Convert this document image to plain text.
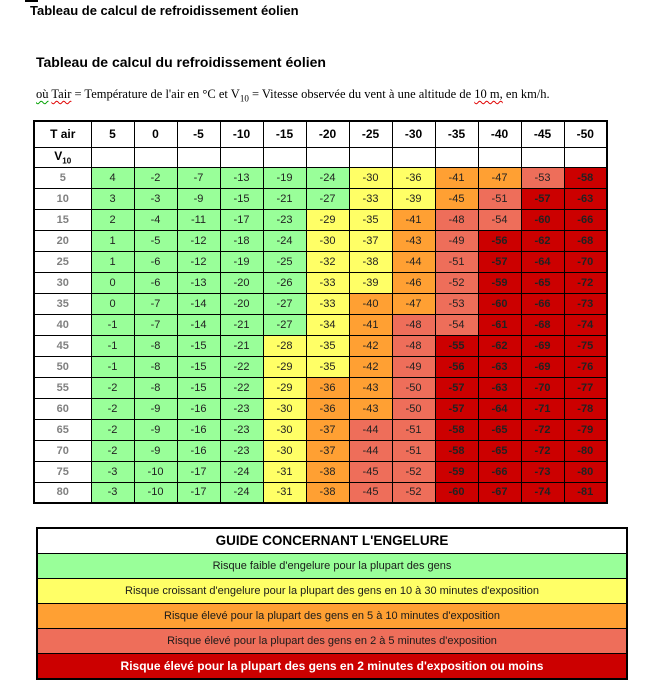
Tableau de calcul de refroidissement éolien
Tableau de calcul du refroidissement éolien

où Tair = Température de l'air en °C et $V_{10}$ = Vitesse observée du vent à une altitude de 10 m, en km/h.

T air	5	0	-5	-10	-15	-20	-25	-30	-35	-40	-45	-50
$V_{10}$												
5	4	-2	-7	-13	-19	-24	-30	-36	-41	-47	-53	-58
10	3	-3	-9	-15	-21	-27	-33	-39	-45	-51	-57	-63
15	2	-4	-11	-17	-23	-29	-35	-41	-48	-54	-60	-66
20	1	-5	-12	-18	-24	-30	-37	-43	-49	-56	-62	-68
25	1	-6	-12	-19	-25	-32	-38	-44	-51	-57	-64	-70
30	0	-6	-13	-20	-26	-33	-39	-46	-52	-59	-65	-72
35	0	-7	-14	-20	-27	-33	-40	-47	-53	-60	-66	-73
40	-1	-7	-14	-21	-27	-34	-41	-48	-54	-61	-68	-74
45	-1	-8	-15	-21	-28	-35	-42	-48	-55	-62	-69	-75
50	-1	-8	-15	-22	-29	-35	-42	-49	-56	-63	-69	-76
55	-2	-8	-15	-22	-29	-36	-43	-50	-57	-63	-70	-77
60	-2	-9	-16	-23	-30	-36	-43	-50	-57	-64	-71	-78
65	-2	-9	-16	-23	-30	-37	-44	-51	-58	-65	-72	-79
70	-2	-9	-16	-23	-30	-37	-44	-51	-58	-65	-72	-80
75	-3	-10	-17	-24	-31	-38	-45	-52	-59	-66	-73	-80
80	-3	-10	-17	-24	-31	-38	-45	-52	-60	-67	-74	-81
GUIDE CONCERNANT L'ENGELURE
Risque faible d'engelure pour la plupart des gens
Risque croissant d'engelure pour la plupart des gens en 10 à 30 minutes d'exposition
Risque élevé pour la plupart des gens en 5 à 10 minutes d'exposition
Risque élevé pour la plupart des gens en 2 à 5 minutes d'exposition
Risque élevé pour la plupart des gens en 2 minutes d'exposition ou moins
